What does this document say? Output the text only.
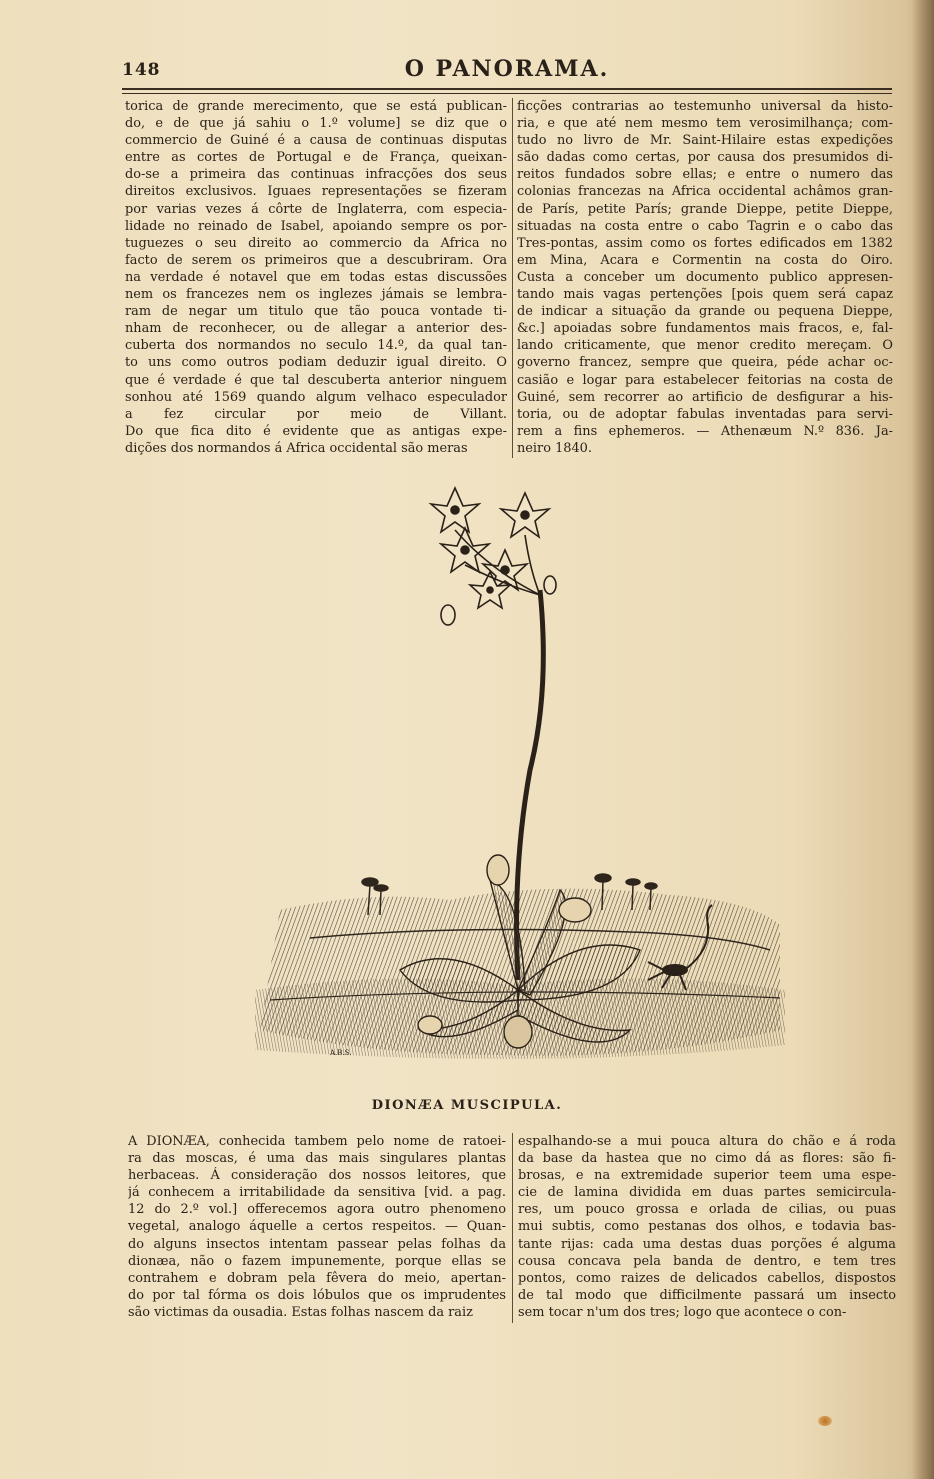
148	O PANORAMA.
torica de grande merecimento, que se está publican-
do, e de que já sahiu o 1.º volume] se diz que o
commercio de Guiné é a causa de continuas disputas
entre as cortes de Portugal e de França, queixan-
do-se a primeira das continuas infracções dos seus
direitos exclusivos. Iguaes representações se fizeram
por varias vezes á côrte de Inglaterra, com especia-
lidade no reinado de Isabel, apoiando sempre os por-
tuguezes o seu direito ao commercio da Africa no
facto de serem os primeiros que a descubriram. Ora
na verdade é notavel que em todas estas discussões
nem os francezes nem os inglezes jámais se lembra-
ram de negar um titulo que tão pouca vontade ti-
nham de reconhecer, ou de allegar a anterior des-
cuberta dos normandos no seculo 14.º, da qual tan-
to uns como outros podiam deduzir igual direito. O
que é verdade é que tal descuberta anterior ninguem
sonhou até 1569 quando algum velhaco especulador
a fez circular por meio de Villant.
Do que fica dito é evidente que as antigas expe-
dições dos normandos á Africa occidental são meras
ficções contrarias ao testemunho universal da histo-
ria, e que até nem mesmo tem verosimilhança; com-
tudo no livro de Mr. Saint-Hilaire estas expedições
são dadas como certas, por causa dos presumidos di-
reitos fundados sobre ellas; e entre o numero das
colonias francezas na Africa occidental achâmos gran-
de París, petite París; grande Dieppe, petite Dieppe,
situadas na costa entre o cabo Tagrin e o cabo das
Tres-pontas, assim como os fortes edificados em 1382
em Mina, Acara e Cormentin na costa do Oiro.
Custa a conceber um documento publico appresen-
tando mais vagas pertenções [pois quem será capaz
de indicar a situação da grande ou pequena Dieppe,
&c.] apoiadas sobre fundamentos mais fracos, e, fal-
lando criticamente, que menor credito mereçam. O
governo francez, sempre que queira, péde achar oc-
casião e logar para estabelecer feitorias na costa de
Guiné, sem recorrer ao artificio de desfigurar a his-
toria, ou de adoptar fabulas inventadas para servi-
rem a fins ephemeros. — Athenæum N.º 836. Ja-
neiro 1840.
A.B.S.
DIONÆA MUSCIPULA.
A DIONÆA, conhecida tambem pelo nome de ratoei-
ra das moscas, é uma das mais singulares plantas
herbaceas. Á consideração dos nossos leitores, que
já conhecem a irritabilidade da sensitiva [vid. a pag.
12 do 2.º vol.] offerecemos agora outro phenomeno
vegetal, analogo áquelle a certos respeitos. — Quan-
do alguns insectos intentam passear pelas folhas da
dionæa, não o fazem impunemente, porque ellas se
contrahem e dobram pela fêvera do meio, apertan-
do por tal fórma os dois lóbulos que os imprudentes
são victimas da ousadia. Estas folhas nascem da raiz
espalhando-se a mui pouca altura do chão e á roda
da base da hastea que no cimo dá as flores: são fi-
brosas, e na extremidade superior teem uma espe-
cie de lamina dividida em duas partes semicircula-
res, um pouco grossa e orlada de cilias, ou puas
mui subtis, como pestanas dos olhos, e todavia bas-
tante rijas: cada uma destas duas porções é alguma
cousa concava pela banda de dentro, e tem tres
pontos, como raizes de delicados cabellos, dispostos
de tal modo que difficilmente passará um insecto
sem tocar n'um dos tres; logo que acontece o con-
